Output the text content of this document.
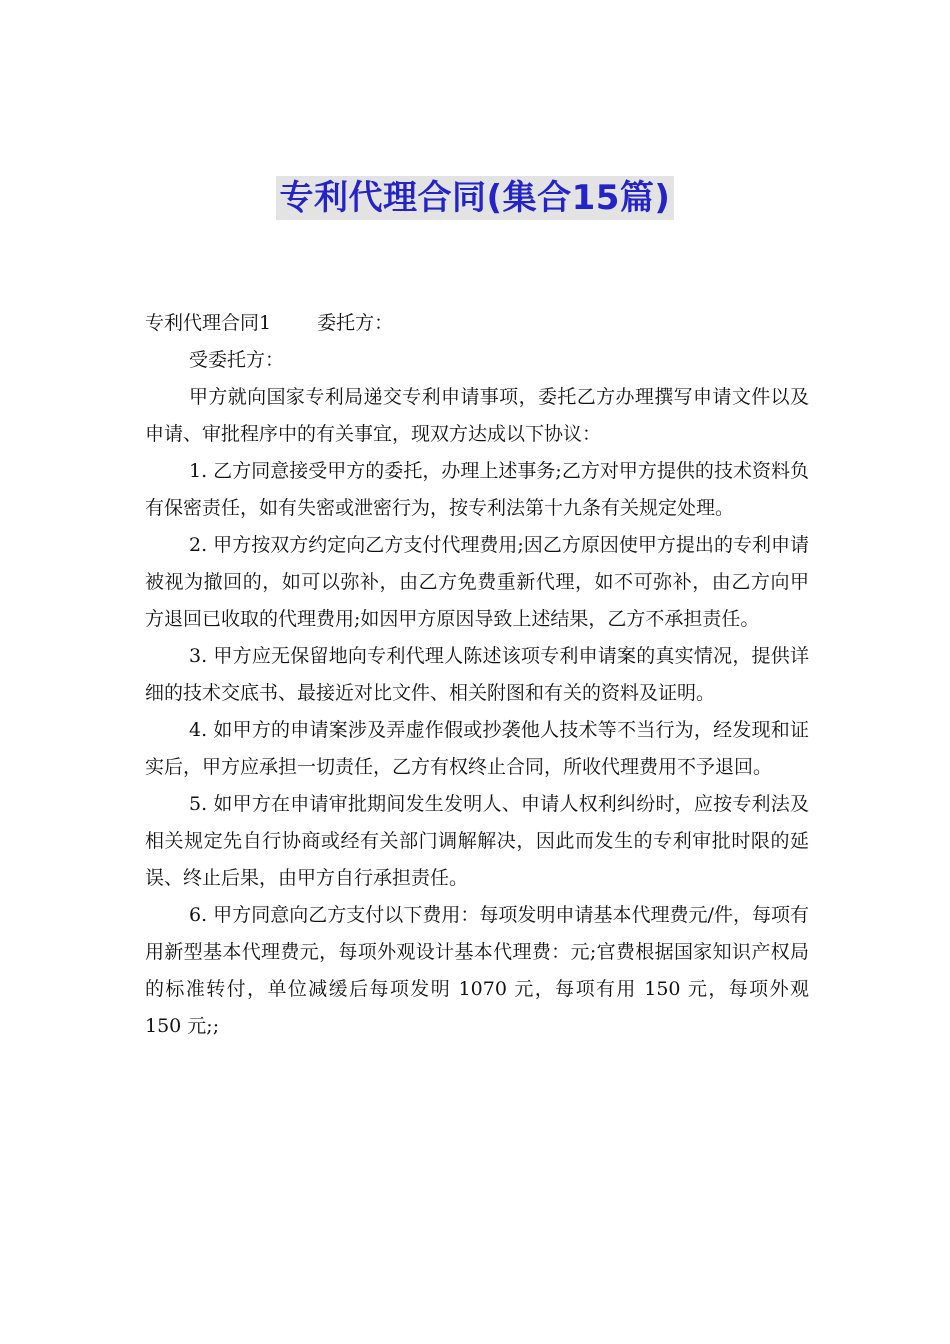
专利代理合同(集合15篇)

专利代理合同1 委托方：

受委托方：

甲方就向国家专利局递交专利申请事项，委托乙方办理撰写申请文件以及申请、审批程序中的有关事宜，现双方达成以下协议：

1. 乙方同意接受甲方的委托，办理上述事务;乙方对甲方提供的技术资料负有保密责任，如有失密或泄密行为，按专利法第十九条有关规定处理。

2. 甲方按双方约定向乙方支付代理费用;因乙方原因使甲方提出的专利申请被视为撤回的，如可以弥补，由乙方免费重新代理，如不可弥补，由乙方向甲方退回已收取的代理费用;如因甲方原因导致上述结果，乙方不承担责任。

3. 甲方应无保留地向专利代理人陈述该项专利申请案的真实情况，提供详细的技术交底书、最接近对比文件、相关附图和有关的资料及证明。

4. 如甲方的申请案涉及弄虚作假或抄袭他人技术等不当行为，经发现和证实后，甲方应承担一切责任，乙方有权终止合同，所收代理费用不予退回。

5. 如甲方在申请审批期间发生发明人、申请人权利纠纷时，应按专利法及相关规定先自行协商或经有关部门调解解决，因此而发生的专利审批时限的延误、终止后果，由甲方自行承担责任。

6. 甲方同意向乙方支付以下费用：每项发明申请基本代理费元/件，每项有用新型基本代理费元，每项外观设计基本代理费：元;官费根据国家知识产权局的标准转付，单位减缓后每项发明 1070 元，每项有用 150 元，每项外观 150 元;;
